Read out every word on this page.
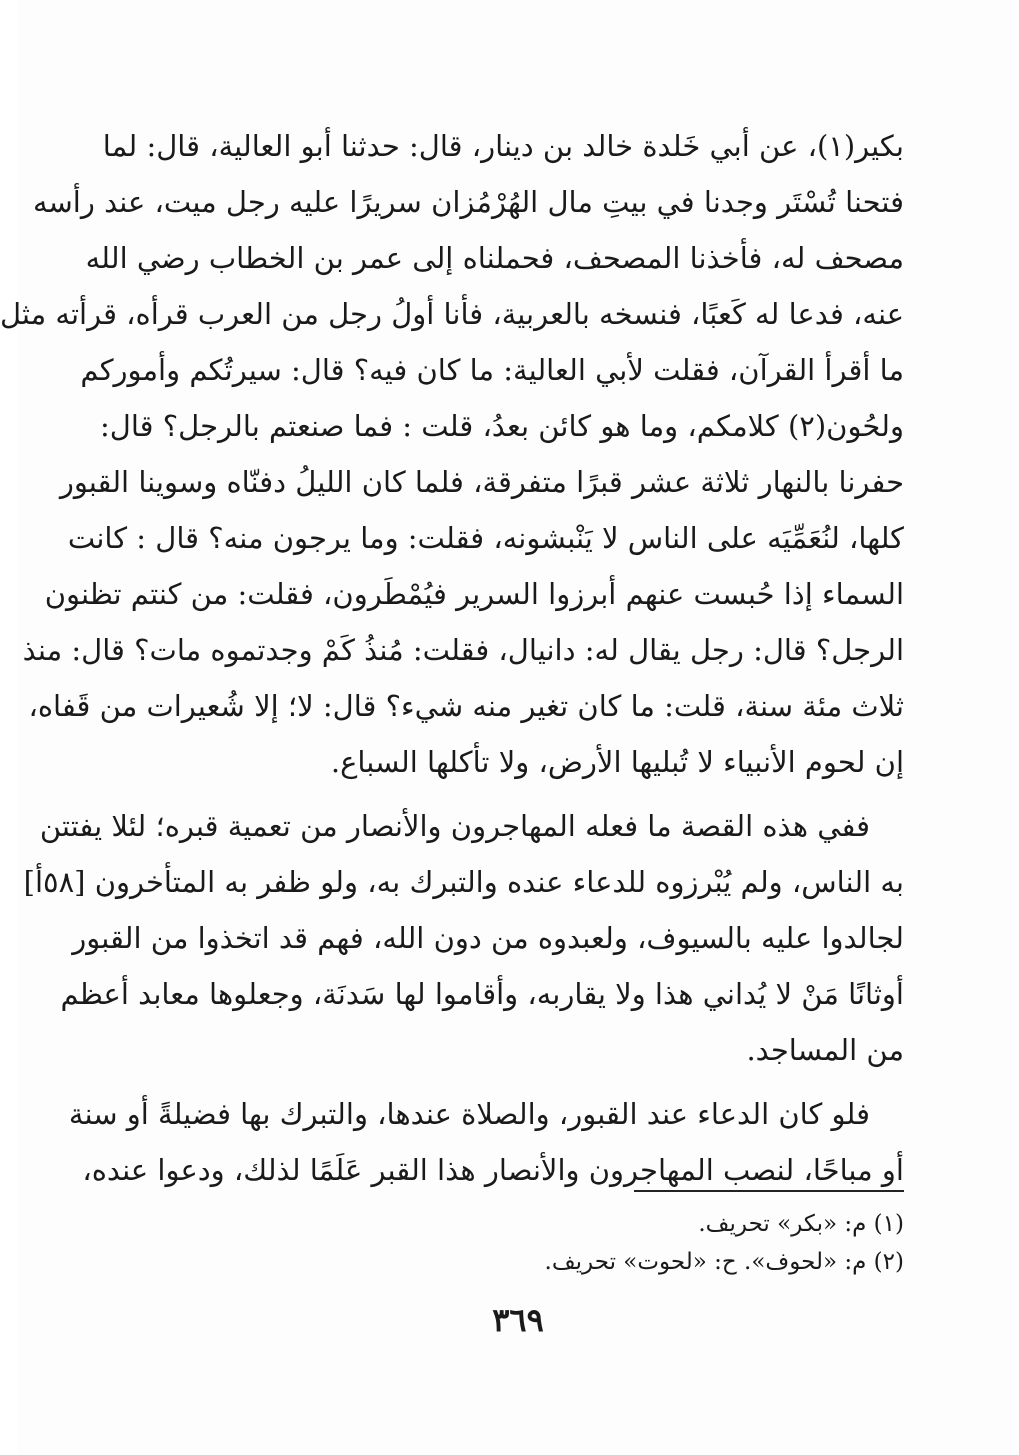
بكير(١)، عن أبي خَلدة خالد بن دينار، قال: حدثنا أبو العالية، قال: لما
فتحنا تُسْتَر وجدنا في بيتِ مال الهُرْمُزان سريرًا عليه رجل ميت، عند رأسه
مصحف له، فأخذنا المصحف، فحملناه إلى عمر بن الخطاب رضي الله
عنه، فدعا له كَعبًا، فنسخه بالعربية، فأنا أولُ رجل من العرب قرأه، قرأته مثل
ما أقرأ القرآن، فقلت لأبي العالية: ما كان فيه؟ قال: سيرتُكم وأموركم
ولحُون(٢) كلامكم، وما هو كائن بعدُ، قلت : فما صنعتم بالرجل؟ قال:
حفرنا بالنهار ثلاثة عشر قبرًا متفرقة، فلما كان الليلُ دفنّاه وسوينا القبور
كلها، لنُعَمِّيَه على الناس لا يَنْبشونه، فقلت: وما يرجون منه؟ قال : كانت
السماء إذا حُبست عنهم أبرزوا السرير فيُمْطَرون، فقلت: من كنتم تظنون
الرجل؟ قال: رجل يقال له: دانيال، فقلت: مُنذُ كَمْ وجدتموه مات؟ قال: منذ
ثلاث مئة سنة، قلت: ما كان تغير منه شيء؟ قال: لا؛ إلا شُعيرات من قَفاه،
إن لحوم الأنبياء لا تُبليها الأرض، ولا تأكلها السباع.
ففي هذه القصة ما فعله المهاجرون والأنصار من تعمية قبره؛ لئلا يفتتن
به الناس، ولم يُبْرزوه للدعاء عنده والتبرك به، ولو ظفر به المتأخرون [٥٨أ]
لجالدوا عليه بالسيوف، ولعبدوه من دون الله، فهم قد اتخذوا من القبور
أوثانًا مَنْ لا يُداني هذا ولا يقاربه، وأقاموا لها سَدنَة، وجعلوها معابد أعظم
من المساجد.
فلو كان الدعاء عند القبور، والصلاة عندها، والتبرك بها فضيلةً أو سنة
أو مباحًا، لنصب المهاجرون والأنصار هذا القبر عَلَمًا لذلك، ودعوا عنده،
(١) م: «بكر» تحريف.
(٢) م: «لحوف». ح: «لحوت» تحريف.
٣٦٩
